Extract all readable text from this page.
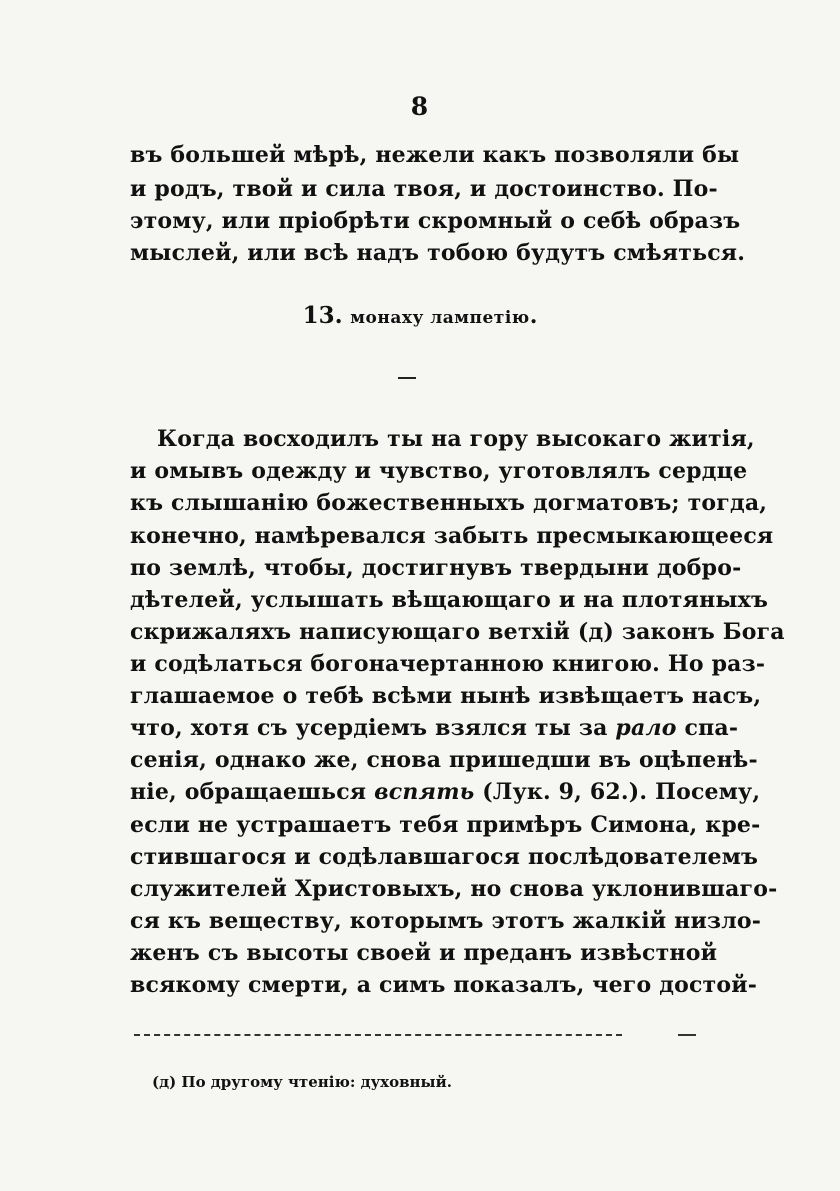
8
въ большей мѣрѣ, нежели какъ позволяли бы
и родъ, твой и сила твоя, и достоинство. По-
этому, или пріобрѣти скромный о себѣ образъ
мыслей, или всѣ надъ тобою будутъ смѣяться.
13. монаху лампетію.
Когда восходилъ ты на гору высокаго житія,
и омывъ одежду и чувство, уготовлялъ сердце
къ слышанію божественныхъ догматовъ; тогда,
конечно, намѣревался забыть пресмыкающееся
по землѣ, чтобы, достигнувъ твердыни добро-
дѣтелей, услышать вѣщающаго и на плотяныхъ
скрижаляхъ написующаго ветхій (д) законъ Бога
и содѣлаться богоначертанною книгою. Но раз-
глашаемое о тебѣ всѣми нынѣ извѣщаетъ насъ,
что, хотя съ усердіемъ взялся ты за рало спа-
сенія, однако же, снова пришедши въ оцѣпенѣ-
ніе, обращаешься вспять (Лук. 9, 62.). Посему,
если не устрашаетъ тебя примѣръ Симона, кре-
стившагося и содѣлавшагося послѣдователемъ
служителей Христовыхъ, но снова уклонившаго-
ся къ веществу, которымъ этотъ жалкій низло-
женъ съ высоты своей и преданъ извѣстной
всякому смерти, а симъ показалъ, чего достой-
(д) По другому чтенію: духовный.
